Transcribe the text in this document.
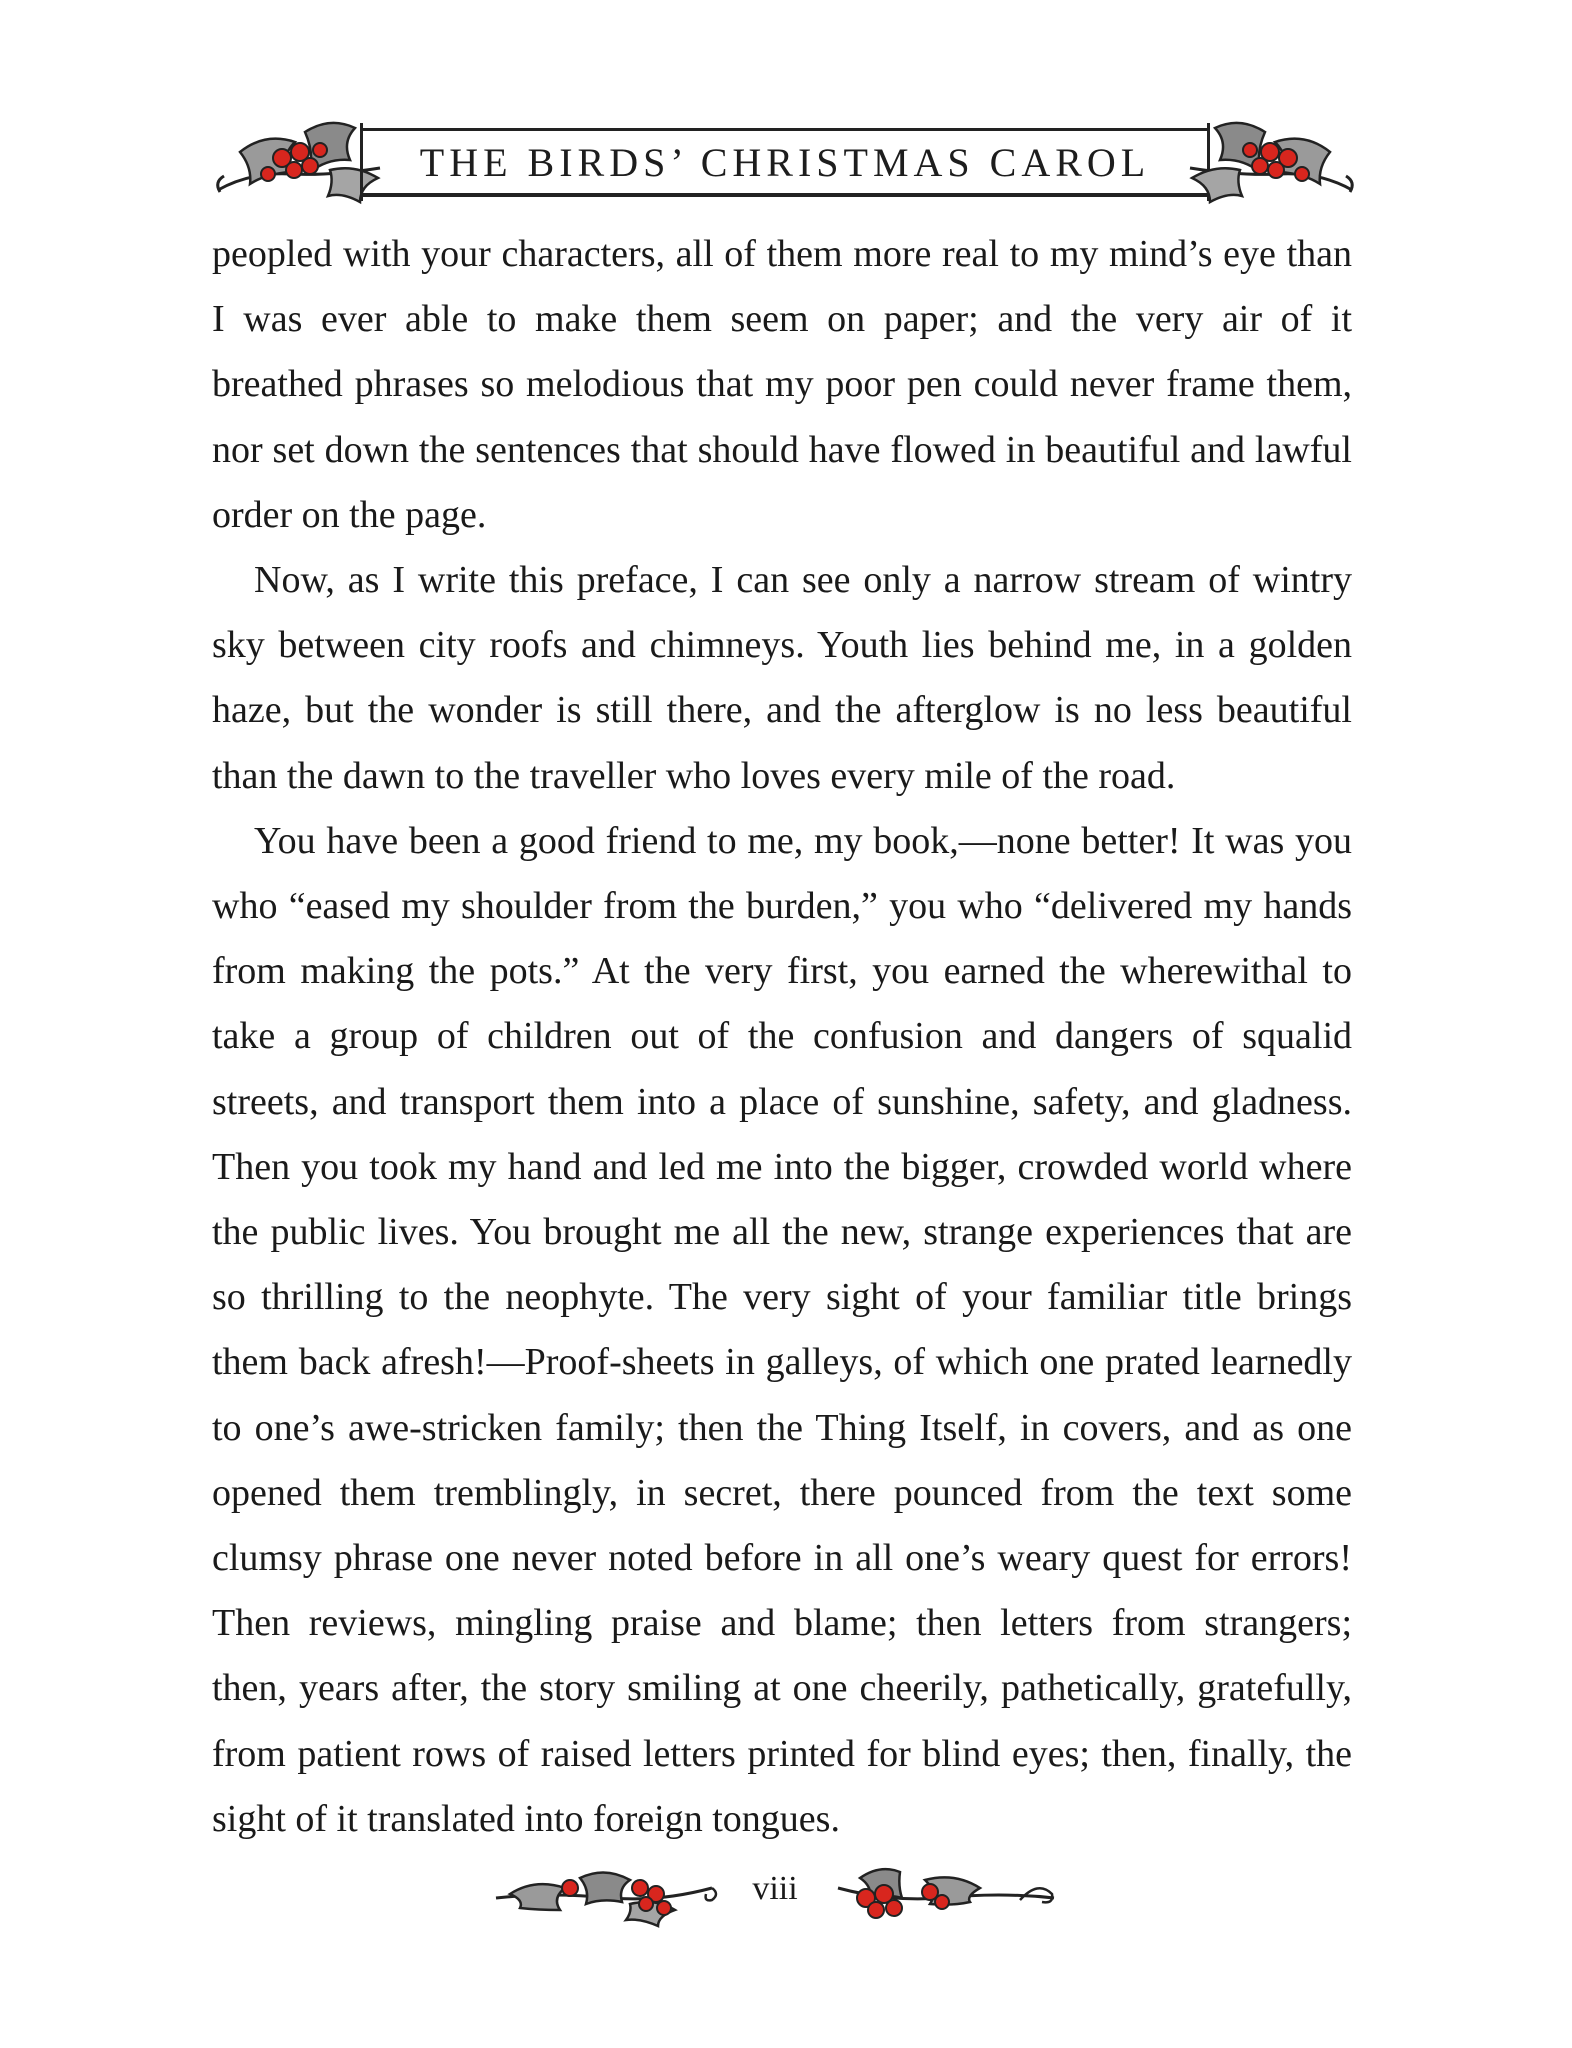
THE BIRDS’ CHRISTMAS CAROL

peopled with your characters, all of them more real to my mind’s eye than I was ever able to make them seem on paper; and the very air of it breathed phrases so melodious that my poor pen could never frame them, nor set down the sentences that should have flowed in beautiful and lawful order on the page.

Now, as I write this preface, I can see only a narrow stream of wintry sky between city roofs and chimneys. Youth lies behind me, in a golden haze, but the wonder is still there, and the afterglow is no less beautiful than the dawn to the traveller who loves every mile of the road.

You have been a good friend to me, my book,—none better! It was you who “eased my shoulder from the burden,” you who “delivered my hands from making the pots.” At the very first, you earned the wherewithal to take a group of children out of the confusion and dangers of squalid streets, and transport them into a place of sunshine, safety, and gladness. Then you took my hand and led me into the bigger, crowded world where the public lives. You brought me all the new, strange experiences that are so thrilling to the neophyte. The very sight of your familiar title brings them back afresh!—Proof-sheets in galleys, of which one prated learnedly to one’s awe-stricken family; then the Thing Itself, in covers, and as one opened them tremblingly, in secret, there pounced from the text some clumsy phrase one never noted before in all one’s weary quest for errors! Then reviews, mingling praise and blame; then letters from strangers; then, years after, the story smiling at one cheerily, pathetically, gratefully, from patient rows of raised letters printed for blind eyes; then, finally, the sight of it translated into foreign tongues.

viii
